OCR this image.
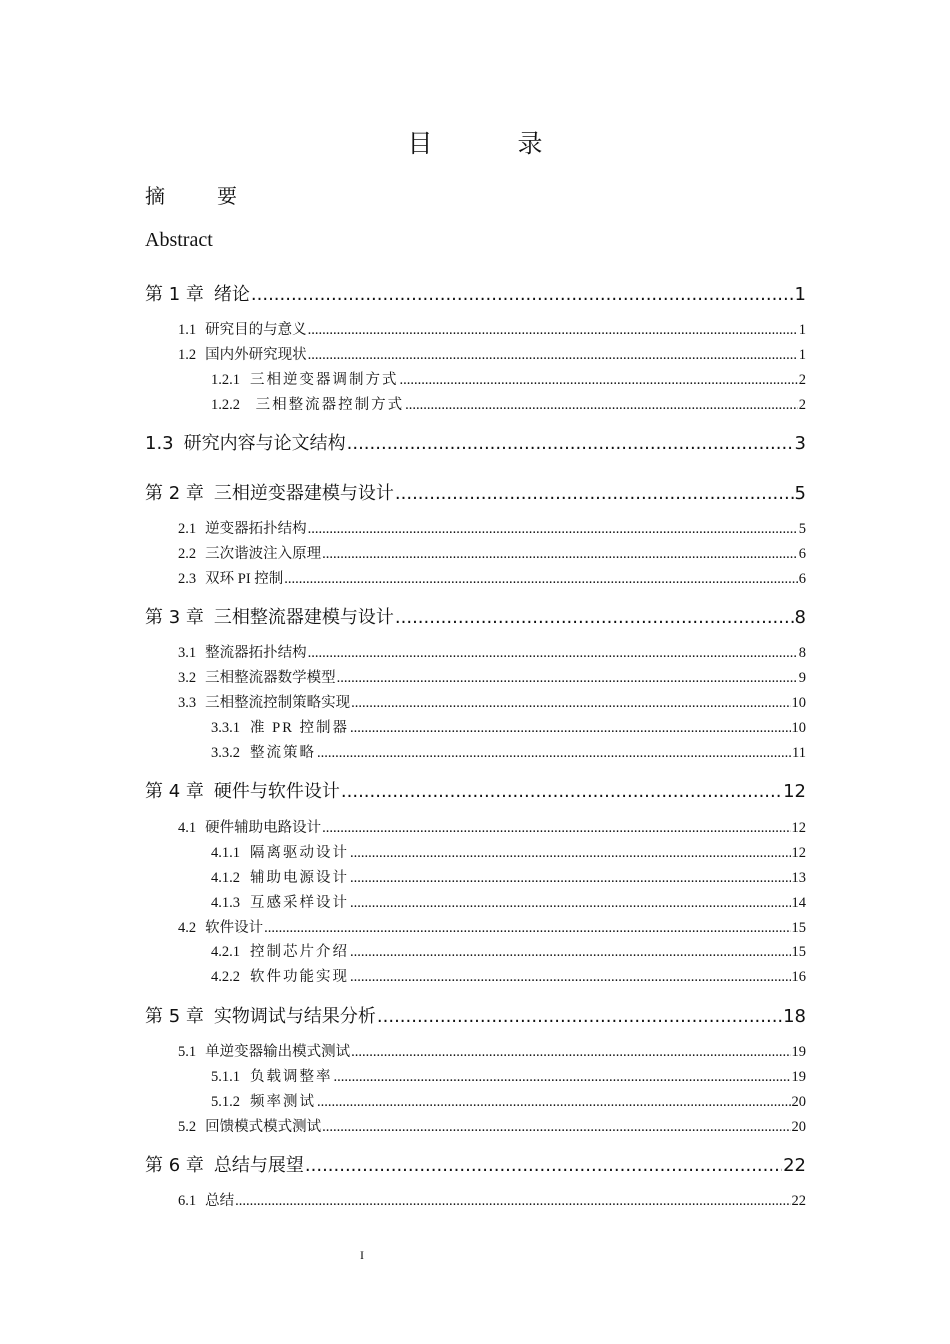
目　录
摘　要
Abstract
第 1 章 绪论 .....	1
1.1 研究目的与意义 .....	1
1.2 国内外研究现状 .....	1
1.2.1 三相逆变器调制方式 .....	2
1.2.2 三相整流器控制方式 .....	2
1.3 研究内容与论文结构 .....	3
第 2 章 三相逆变器建模与设计 .....	5
2.1 逆变器拓扑结构 .....	5
2.2 三次谐波注入原理 .....	6
2.3 双环 PI 控制 .....	6
第 3 章 三相整流器建模与设计 .....	8
3.1 整流器拓扑结构 .....	8
3.2 三相整流器数学模型 .....	9
3.3 三相整流控制策略实现 .....	10
3.3.1 准 PR 控制器 .....	10
3.3.2 整流策略 .....	11
第 4 章 硬件与软件设计 .....	12
4.1 硬件辅助电路设计 .....	12
4.1.1 隔离驱动设计 .....	12
4.1.2 辅助电源设计 .....	13
4.1.3 互感采样设计 .....	14
4.2 软件设计 .....	15
4.2.1 控制芯片介绍 .....	15
4.2.2 软件功能实现 .....	16
第 5 章 实物调试与结果分析 .....	18
5.1 单逆变器输出模式测试 .....	19
5.1.1 负载调整率 .....	19
5.1.2 频率测试 .....	20
5.2 回馈模式模式测试 .....	20
第 6 章 总结与展望 .....	22
6.1 总结 .....	22
I
